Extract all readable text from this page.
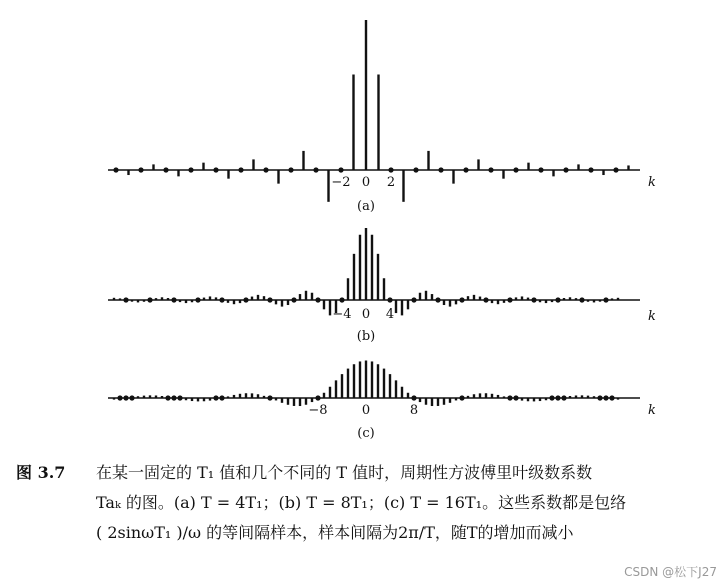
−2 0 2	k
(a)
−4 0 4	k
(b)
−8	0	8	k
(c)
图 3.7 在某一固定的 T₁ 值和几个不同的 T 值时，周期性方波傅里叶级数系数
Taₖ 的图。(a) T = 4T₁；(b) T = 8T₁；(c) T = 16T₁。这些系数都是包络
( 2sinωT₁ )/ω 的等间隔样本，样本间隔为2π/T，随T的增加而减小
CSDN @松下J27
